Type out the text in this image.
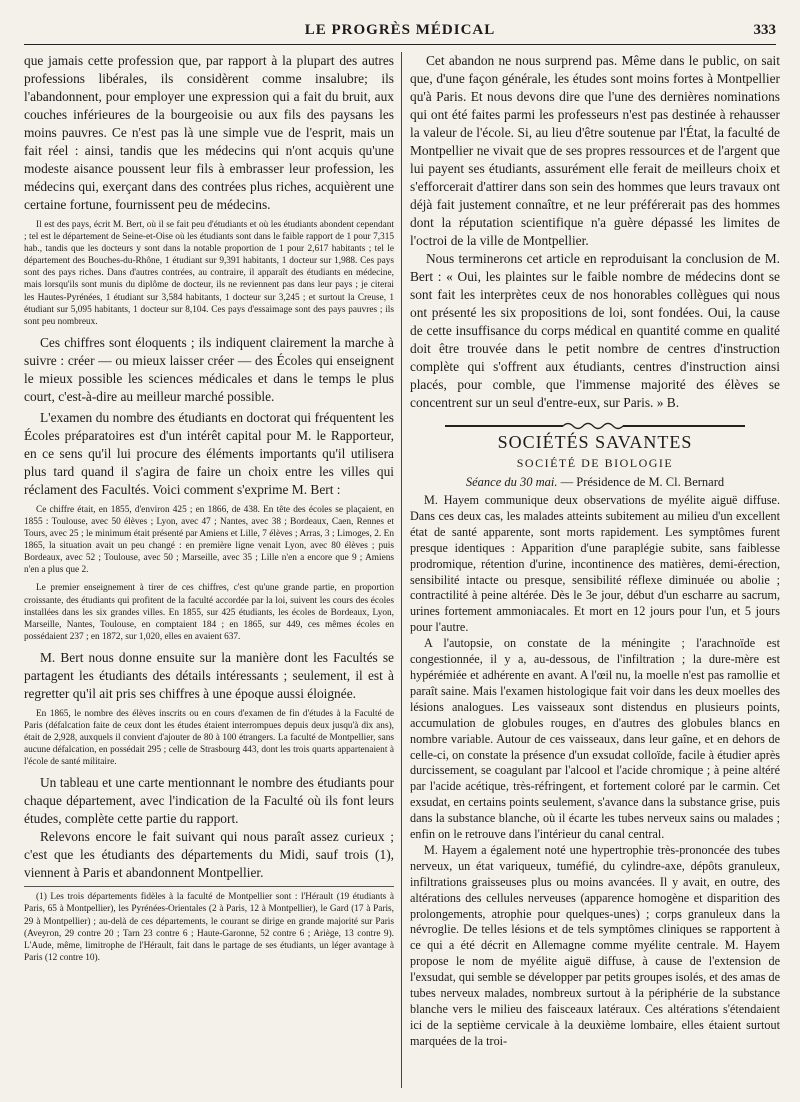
LE PROGRÈS MÉDICAL	333

que jamais cette profession que, par rapport à la plupart des autres professions libérales, ils considèrent comme insalubre; ils l'abandonnent, pour employer une expression qui a fait du bruit, aux couches inférieures de la bourgeoisie ou aux fils des paysans les moins pauvres. Ce n'est pas là une simple vue de l'esprit, mais un fait réel : ainsi, tandis que les médecins qui n'ont acquis qu'une modeste aisance poussent leur fils à embrasser leur profession, les médecins qui, exerçant dans des contrées plus riches, acquièrent une certaine fortune, fournissent peu de médecins.

Il est des pays, écrit M. Bert, où il se fait peu d'étudiants et où les étudiants abondent cependant ; tel est le département de Seine-et-Oise où les étudiants sont dans le faible rapport de 1 pour 7,315 hab., tandis que les docteurs y sont dans la notable proportion de 1 pour 2,617 habitants ; tel le département des Bouches-du-Rhône, 1 étudiant sur 9,391 habitants, 1 docteur sur 1,988. Ces pays sont des pays riches. Dans d'autres contrées, au contraire, il apparaît des étudiants en médecine, mais lorsqu'ils sont munis du diplôme de docteur, ils ne reviennent pas dans leur pays ; je citerai les Hautes-Pyrénées, 1 étudiant sur 3,584 habitants, 1 docteur sur 3,245 ; et surtout la Creuse, 1 étudiant sur 5,095 habitants, 1 docteur sur 8,104. Ces pays d'essaimage sont des pays pauvres ; ils sont peu nombreux.

Ces chiffres sont éloquents ; ils indiquent clairement la marche à suivre : créer — ou mieux laisser créer — des Écoles qui enseignent le mieux possible les sciences médicales et dans le temps le plus court, c'est-à-dire au meilleur marché possible.

L'examen du nombre des étudiants en doctorat qui fréquentent les Écoles préparatoires est d'un intérêt capital pour M. le Rapporteur, en ce sens qu'il lui procure des éléments importants qu'il utilisera plus tard quand il s'agira de faire un choix entre les villes qui réclament des Facultés. Voici comment s'exprime M. Bert :

Ce chiffre était, en 1855, d'environ 425 ; en 1866, de 438. En tête des écoles se plaçaient, en 1855 : Toulouse, avec 50 élèves ; Lyon, avec 47 ; Nantes, avec 38 ; Bordeaux, Caen, Rennes et Tours, avec 25 ; le minimum était présenté par Amiens et Lille, 7 élèves ; Arras, 3 ; Limoges, 2. En 1865, la situation avait un peu changé : en première ligne venait Lyon, avec 80 élèves ; puis Bordeaux, avec 52 ; Toulouse, avec 50 ; Marseille, avec 35 ; Lille n'en a encore que 9 ; Amiens n'en a plus que 2.

Le premier enseignement à tirer de ces chiffres, c'est qu'une grande partie, en proportion croissante, des étudiants qui profitent de la faculté accordée par la loi, suivent les cours des écoles installées dans les six grandes villes. En 1855, sur 425 étudiants, les écoles de Bordeaux, Lyon, Marseille, Nantes, Toulouse, en comptaient 184 ; en 1865, sur 449, ces mêmes écoles en possédaient 237 ; en 1872, sur 1,020, elles en avaient 637.

M. Bert nous donne ensuite sur la manière dont les Facultés se partagent les étudiants des détails intéressants ; seulement, il est à regretter qu'il ait pris ses chiffres à une époque aussi éloignée.

En 1865, le nombre des élèves inscrits ou en cours d'examen de fin d'études à la Faculté de Paris (défalcation faite de ceux dont les études étaient interrompues depuis deux jusqu'à dix ans), était de 2,928, auxquels il convient d'ajouter de 80 à 100 étrangers. La faculté de Montpellier, sans aucune défalcation, en possédait 295 ; celle de Strasbourg 443, dont les trois quarts appartenaient à l'école de santé militaire.

Un tableau et une carte mentionnant le nombre des étudiants pour chaque département, avec l'indication de la Faculté où ils font leurs études, complète cette partie du rapport.

Relevons encore le fait suivant qui nous paraît assez curieux ; c'est que les étudiants des départements du Midi, sauf trois (1), viennent à Paris et abandonnent Montpellier.

(1) Les trois départements fidèles à la faculté de Montpellier sont : l'Hérault (19 étudiants à Paris, 65 à Montpellier), les Pyrénées-Orientales (2 à Paris, 12 à Montpellier), le Gard (17 à Paris, 29 à Montpellier) ; au-delà de ces départements, le courant se dirige en grande majorité sur Paris (Aveyron, 29 contre 20 ; Tarn 23 contre 6 ; Haute-Garonne, 52 contre 6 ; Ariège, 13 contre 9). L'Aude, même, limitrophe de l'Hérault, fait dans le partage de ses étudiants, un léger avantage à Paris (12 contre 10).

Cet abandon ne nous surprend pas. Même dans le public, on sait que, d'une façon générale, les études sont moins fortes à Montpellier qu'à Paris. Et nous devons dire que l'une des dernières nominations qui ont été faites parmi les professeurs n'est pas destinée à rehausser la valeur de l'école. Si, au lieu d'être soutenue par l'État, la faculté de Montpellier ne vivait que de ses propres ressources et de l'argent que lui payent ses étudiants, assurément elle ferait de meilleurs choix et s'efforcerait d'attirer dans son sein des hommes que leurs travaux ont déjà fait justement connaître, et ne leur préférerait pas des hommes dont la réputation scientifique n'a guère dépassé les limites de l'octroi de la ville de Montpellier.

Nous terminerons cet article en reproduisant la conclusion de M. Bert : « Oui, les plaintes sur le faible nombre de médecins dont se sont fait les interprètes ceux de nos honorables collègues qui nous ont présenté les six propositions de loi, sont fondées. Oui, la cause de cette insuffisance du corps médical en quantité comme en qualité doit être trouvée dans le petit nombre de centres d'instruction complète qui s'offrent aux étudiants, centres d'instruction ainsi placés, pour comble, que l'immense majorité des élèves se concentrent sur un seul d'entre-eux, sur Paris. » B.

SOCIÉTÉS SAVANTES
SOCIÉTÉ DE BIOLOGIE
Séance du 30 mai. — Présidence de M. Cl. Bernard

M. Hayem communique deux observations de myélite aiguë diffuse. Dans ces deux cas, les malades atteints subitement au milieu d'un excellent état de santé apparente, sont morts rapidement. Les symptômes furent presque identiques : Apparition d'une paraplégie subite, sans faiblesse prodromique, rétention d'urine, incontinence des matières, demi-érection, sensibilité intacte ou presque, sensibilité réflexe diminuée ou abolie ; contractilité à peine altérée. Dès le 3e jour, début d'un escharre au sacrum, urines fortement ammoniacales. Et mort en 12 jours pour l'un, et 5 jours pour l'autre.

A l'autopsie, on constate de la méningite ; l'arachnoïde est congestionnée, il y a, au-dessous, de l'infiltration ; la dure-mère est hypérémiée et adhérente en avant. A l'œil nu, la moelle n'est pas ramollie et paraît saine. Mais l'examen histologique fait voir dans les deux moelles des lésions analogues. Les vaisseaux sont distendus en plusieurs points, accumulation de globules rouges, en d'autres des globules blancs en nombre variable. Autour de ces vaisseaux, dans leur gaîne, et en dehors de celle-ci, on constate la présence d'un exsudat colloïde, facile à étudier après durcissement, se coagulant par l'alcool et l'acide chromique ; à peine altéré par l'acide acétique, très-réfringent, et fortement coloré par le carmin. Cet exsudat, en certains points seulement, s'avance dans la substance grise, puis dans la substance blanche, où il écarte les tubes nerveux sains ou malades ; enfin on le retrouve dans l'intérieur du canal central.

M. Hayem a également noté une hypertrophie très-prononcée des tubes nerveux, un état variqueux, tuméfié, du cylindre-axe, dépôts granuleux, infiltrations graisseuses plus ou moins avancées. Il y avait, en outre, des altérations des cellules nerveuses (apparence homogène et disparition des prolongements, atrophie pour quelques-unes) ; corps granuleux dans la névroglie. De telles lésions et de tels symptômes cliniques se rapportent à ce qui a été décrit en Allemagne comme myélite centrale. M. Hayem propose le nom de myélite aiguë diffuse, à cause de l'extension de l'exsudat, qui semble se développer par petits groupes isolés, et des amas de tubes nerveux malades, nombreux surtout à la périphérie de la substance blanche vers le milieu des faisceaux latéraux. Ces altérations s'étendaient ici de la septième cervicale à la deuxième lombaire, elles étaient surtout marquées de la troi-
